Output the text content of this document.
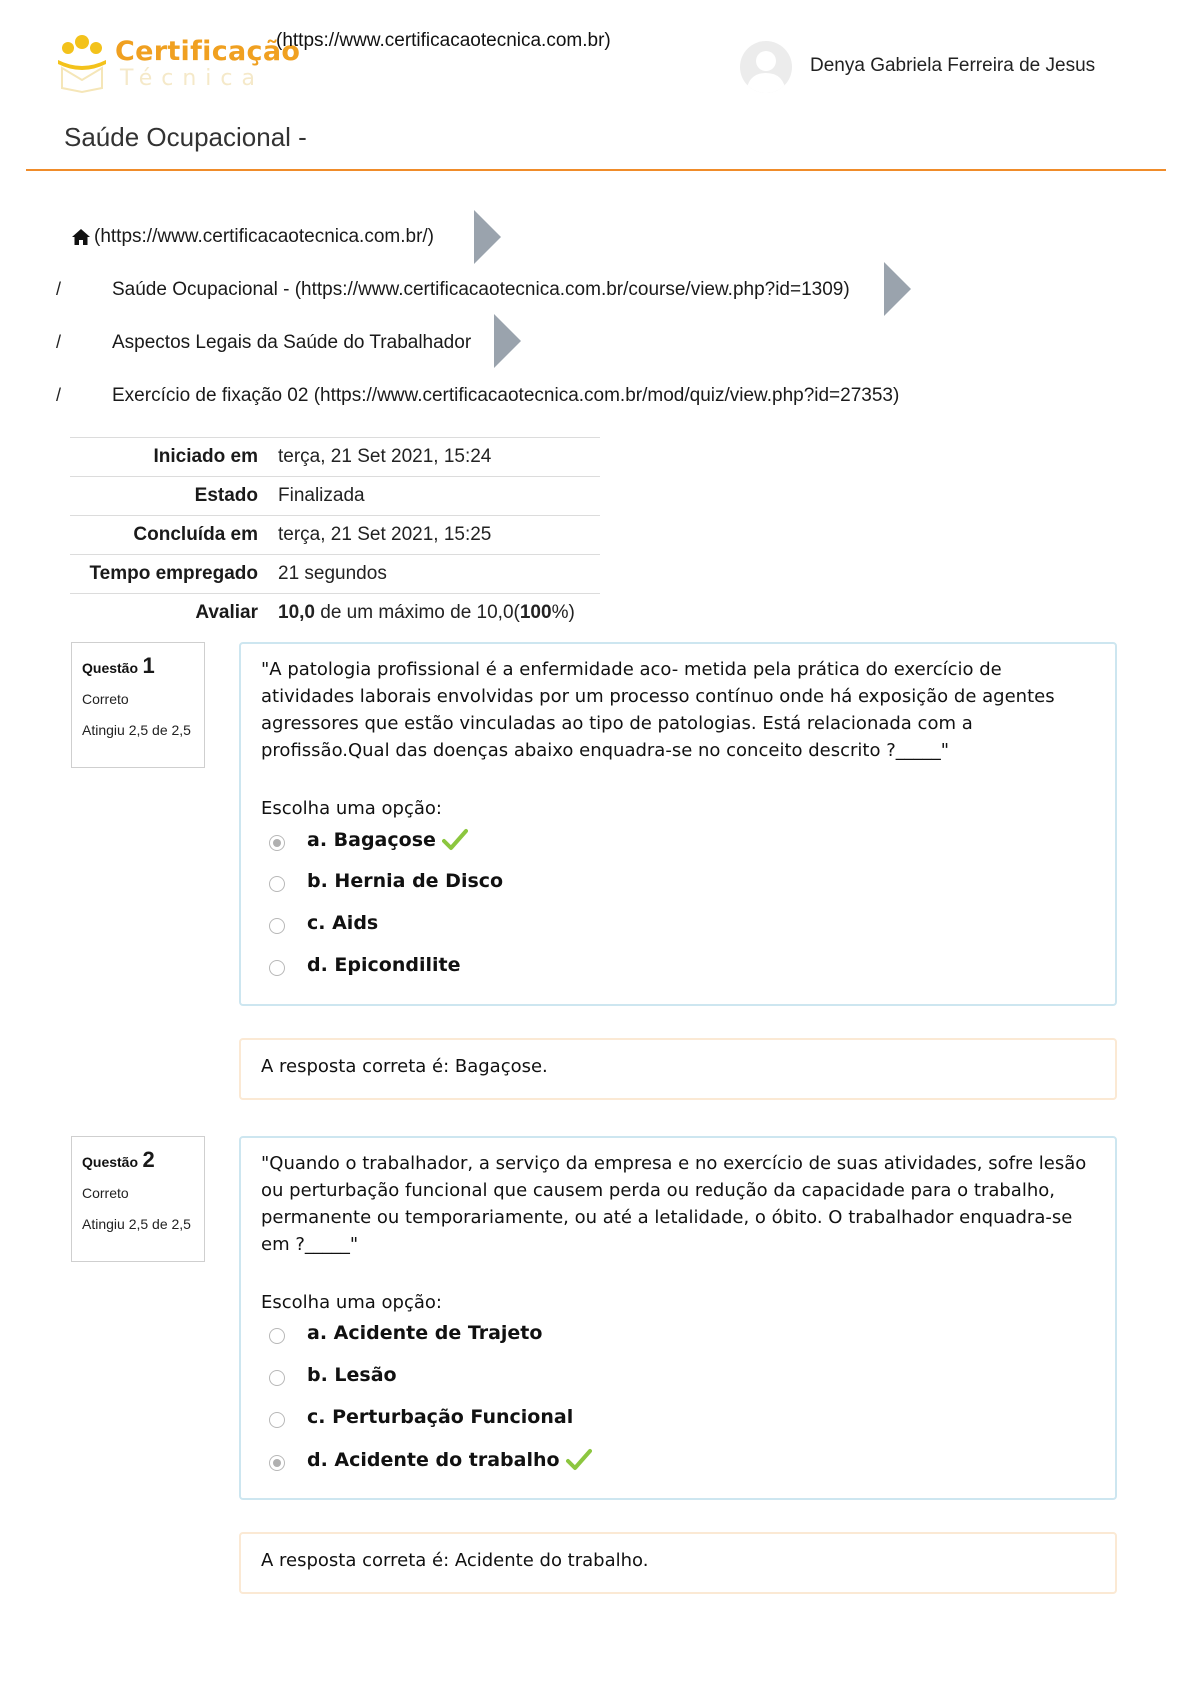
Certificação
Técnica
(https://www.certificacaotecnica.com.br)
Denya Gabriela Ferreira de Jesus
Saúde Ocupacional -
(https://www.certificacaotecnica.com.br/)
/	Saúde Ocupacional - (https://www.certificacaotecnica.com.br/course/view.php?id=1309)
/	Aspectos Legais da Saúde do Trabalhador
/	Exercício de fixação 02 (https://www.certificacaotecnica.com.br/mod/quiz/view.php?id=27353)
Iniciado em	terça, 21 Set 2021, 15:24
Estado	Finalizada
Concluída em	terça, 21 Set 2021, 15:25
Tempo empregado	21 segundos
Avaliar	10,0 de um máximo de 10,0(100%)
Questão 1
Correto
Atingiu 2,5 de 2,5
"A patologia profissional é a enfermidade aco- metida pela prática do exercício de atividades laborais envolvidas por um processo contínuo onde há exposição de agentes agressores que estão vinculadas ao tipo de patologias. Está relacionada com a profissão.Qual das doenças abaixo enquadra-se no conceito descrito ?_____"
Escolha uma opção:
a. Bagaçose
b. Hernia de Disco
c. Aids
d. Epicondilite
A resposta correta é: Bagaçose.
Questão 2
Correto
Atingiu 2,5 de 2,5
"Quando o trabalhador, a serviço da empresa e no exercício de suas atividades, sofre lesão ou perturbação funcional que causem perda ou redução da capacidade para o trabalho, permanente ou temporariamente, ou até a letalidade, o óbito. O trabalhador enquadra-se em ?_____"
Escolha uma opção:
a. Acidente de Trajeto
b. Lesão
c. Perturbação Funcional
d. Acidente do trabalho
A resposta correta é: Acidente do trabalho.
